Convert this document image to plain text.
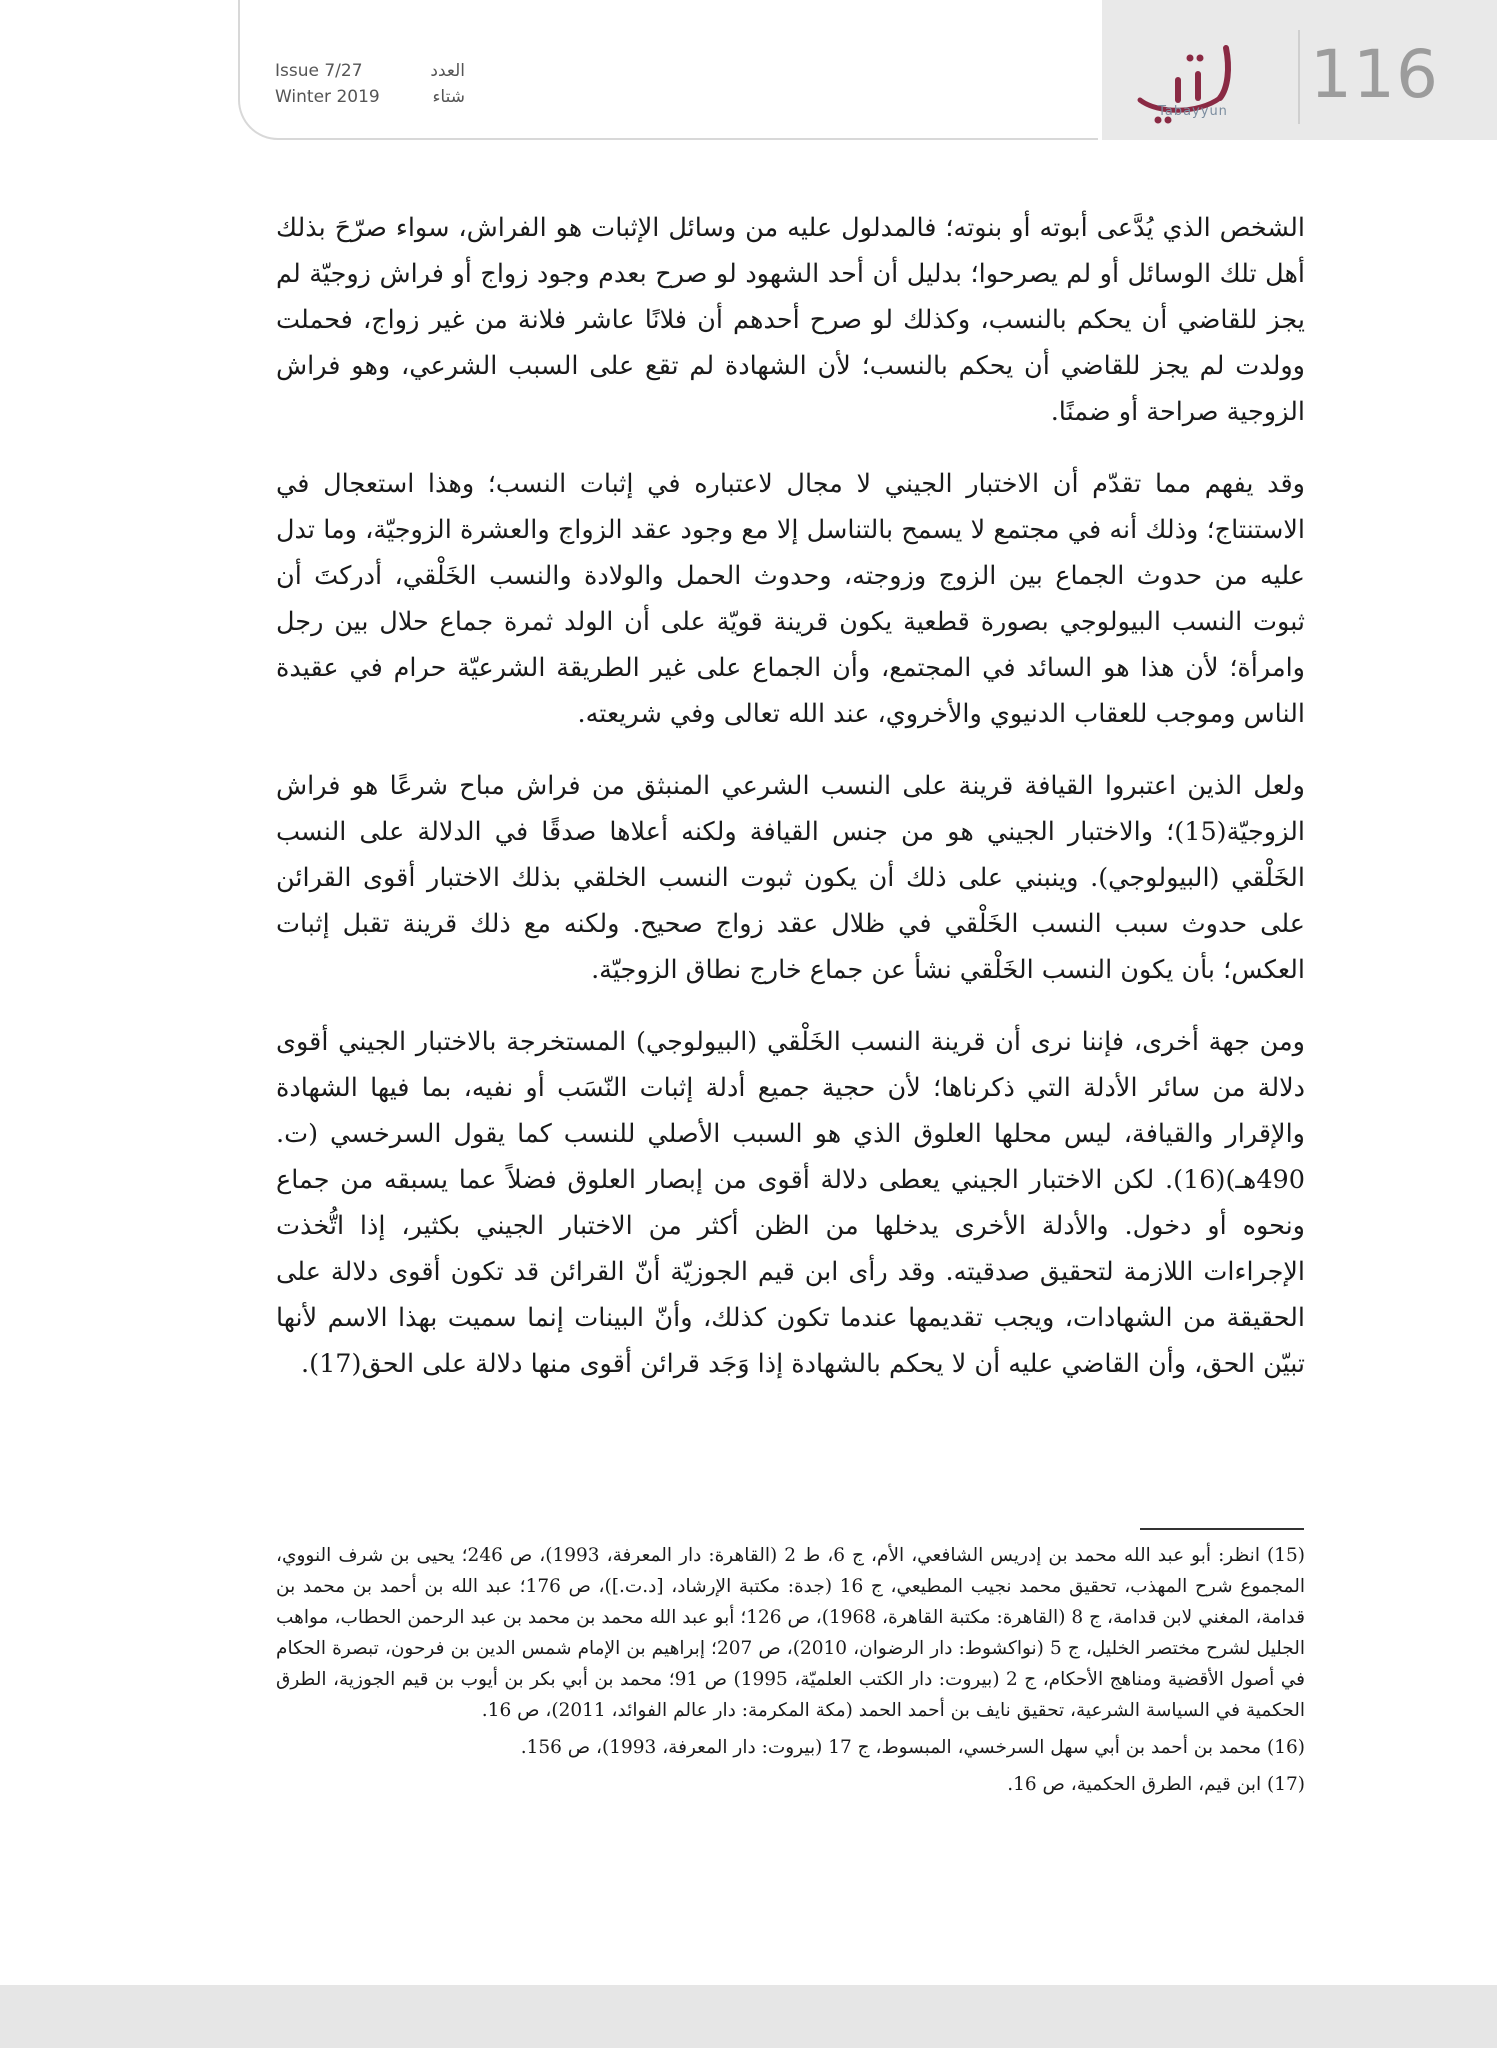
Issue 7/27	العدد
Winter 2019	شتاء
Tabayyun	116

الشخص الذي يُدَّعى أبوته أو بنوته؛ فالمدلول عليه من وسائل الإثبات هو الفراش، سواء صرّحَ بذلك أهل تلك الوسائل أو لم يصرحوا؛ بدليل أن أحد الشهود لو صرح بعدم وجود زواج أو فراش زوجيّة لم يجز للقاضي أن يحكم بالنسب، وكذلك لو صرح أحدهم أن فلانًا عاشر فلانة من غير زواج، فحملت وولدت لم يجز للقاضي أن يحكم بالنسب؛ لأن الشهادة لم تقع على السبب الشرعي، وهو فراش الزوجية صراحة أو ضمنًا.

وقد يفهم مما تقدّم أن الاختبار الجيني لا مجال لاعتباره في إثبات النسب؛ وهذا استعجال في الاستنتاج؛ وذلك أنه في مجتمع لا يسمح بالتناسل إلا مع وجود عقد الزواج والعشرة الزوجيّة، وما تدل عليه من حدوث الجماع بين الزوج وزوجته، وحدوث الحمل والولادة والنسب الخَلْقي، أدركتَ أن ثبوت النسب البيولوجي بصورة قطعية يكون قرينة قويّة على أن الولد ثمرة جماع حلال بين رجل وامرأة؛ لأن هذا هو السائد في المجتمع، وأن الجماع على غير الطريقة الشرعيّة حرام في عقيدة الناس وموجب للعقاب الدنيوي والأخروي، عند الله تعالى وفي شريعته.

ولعل الذين اعتبروا القيافة قرينة على النسب الشرعي المنبثق من فراش مباح شرعًا هو فراش الزوجيّة(15)؛ والاختبار الجيني هو من جنس القيافة ولكنه أعلاها صدقًا في الدلالة على النسب الخَلْقي (البيولوجي). وينبني على ذلك أن يكون ثبوت النسب الخلقي بذلك الاختبار أقوى القرائن على حدوث سبب النسب الخَلْقي في ظلال عقد زواج صحيح. ولكنه مع ذلك قرينة تقبل إثبات العكس؛ بأن يكون النسب الخَلْقي نشأ عن جماع خارج نطاق الزوجيّة.

ومن جهة أخرى، فإننا نرى أن قرينة النسب الخَلْقي (البيولوجي) المستخرجة بالاختبار الجيني أقوى دلالة من سائر الأدلة التي ذكرناها؛ لأن حجية جميع أدلة إثبات النّسَب أو نفيه، بما فيها الشهادة والإقرار والقيافة، ليس محلها العلوق الذي هو السبب الأصلي للنسب كما يقول السرخسي (ت. 490هـ)(16). لكن الاختبار الجيني يعطى دلالة أقوى من إبصار العلوق فضلاً عما يسبقه من جماع ونحوه أو دخول. والأدلة الأخرى يدخلها من الظن أكثر من الاختبار الجيني بكثير، إذا اتُّخذت الإجراءات اللازمة لتحقيق صدقيته. وقد رأى ابن قيم الجوزيّة أنّ القرائن قد تكون أقوى دلالة على الحقيقة من الشهادات، ويجب تقديمها عندما تكون كذلك، وأنّ البينات إنما سميت بهذا الاسم لأنها تبيّن الحق، وأن القاضي عليه أن لا يحكم بالشهادة إذا وَجَد قرائن أقوى منها دلالة على الحق(17).

(15) انظر: أبو عبد الله محمد بن إدريس الشافعي، الأم، ج 6، ط 2 (القاهرة: دار المعرفة، 1993)، ص 246؛ يحيى بن شرف النووي، المجموع شرح المهذب، تحقيق محمد نجيب المطيعي، ج 16 (جدة: مكتبة الإرشاد، [د.ت.])، ص 176؛ عبد الله بن أحمد بن محمد بن قدامة، المغني لابن قدامة، ج 8 (القاهرة: مكتبة القاهرة، 1968)، ص 126؛ أبو عبد الله محمد بن محمد بن عبد الرحمن الحطاب، مواهب الجليل لشرح مختصر الخليل، ج 5 (نواكشوط: دار الرضوان، 2010)، ص 207؛ إبراهيم بن الإمام شمس الدين بن فرحون، تبصرة الحكام في أصول الأقضية ومناهج الأحكام، ج 2 (بيروت: دار الكتب العلميّة، 1995) ص 91؛ محمد بن أبي بكر بن أيوب بن قيم الجوزية، الطرق الحكمية في السياسة الشرعية، تحقيق نايف بن أحمد الحمد (مكة المكرمة: دار عالم الفوائد، 2011)، ص 16.

(16) محمد بن أحمد بن أبي سهل السرخسي، المبسوط، ج 17 (بيروت: دار المعرفة، 1993)، ص 156.

(17) ابن قيم، الطرق الحكمية، ص 16.
